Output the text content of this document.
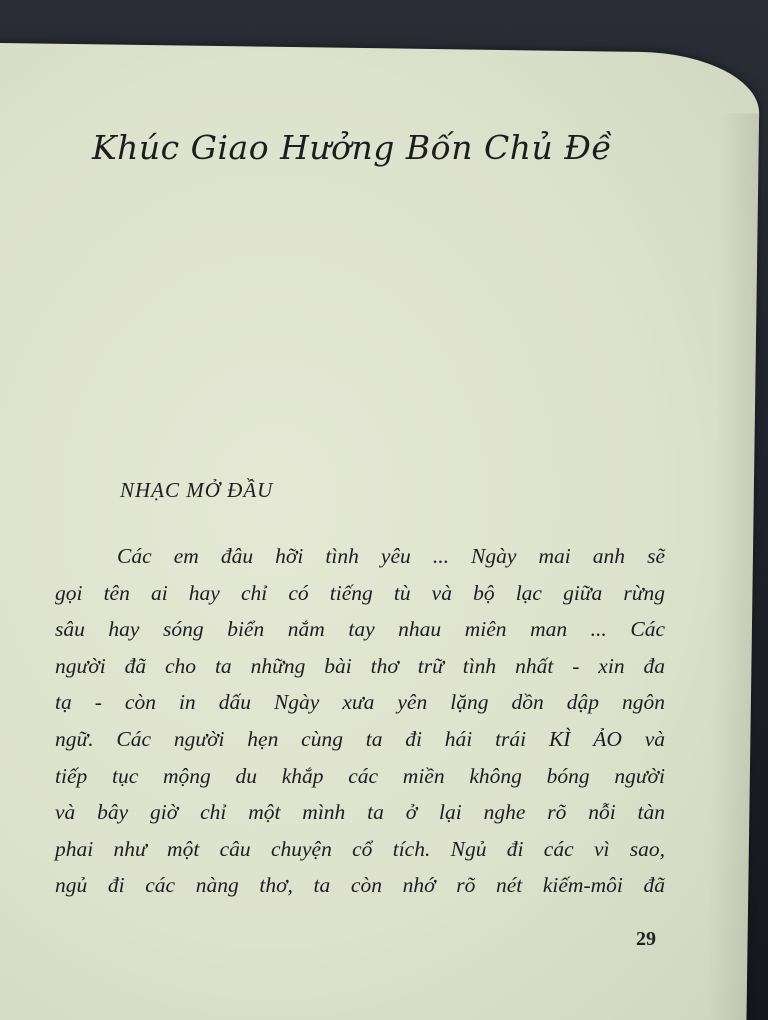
Khúc Giao Hưởng Bốn Chủ Đề
NHẠC MỞ ĐẦU
Các em đâu hỡi tình yêu ... Ngày mai anh sẽ
gọi tên ai hay chỉ có tiếng tù và bộ lạc giữa rừng
sâu hay sóng biển nắm tay nhau miên man ... Các
người đã cho ta những bài thơ trữ tình nhất - xin đa
tạ - còn in dấu Ngày xưa yên lặng dồn dập ngôn
ngữ. Các người hẹn cùng ta đi hái trái KÌ ẢO và
tiếp tục mộng du khắp các miền không bóng người
và bây giờ chỉ một mình ta ở lại nghe rõ nỗi tàn
phai như một câu chuyện cổ tích. Ngủ đi các vì sao,
ngủ đi các nàng thơ, ta còn nhớ rõ nét kiếm-môi đã
29
